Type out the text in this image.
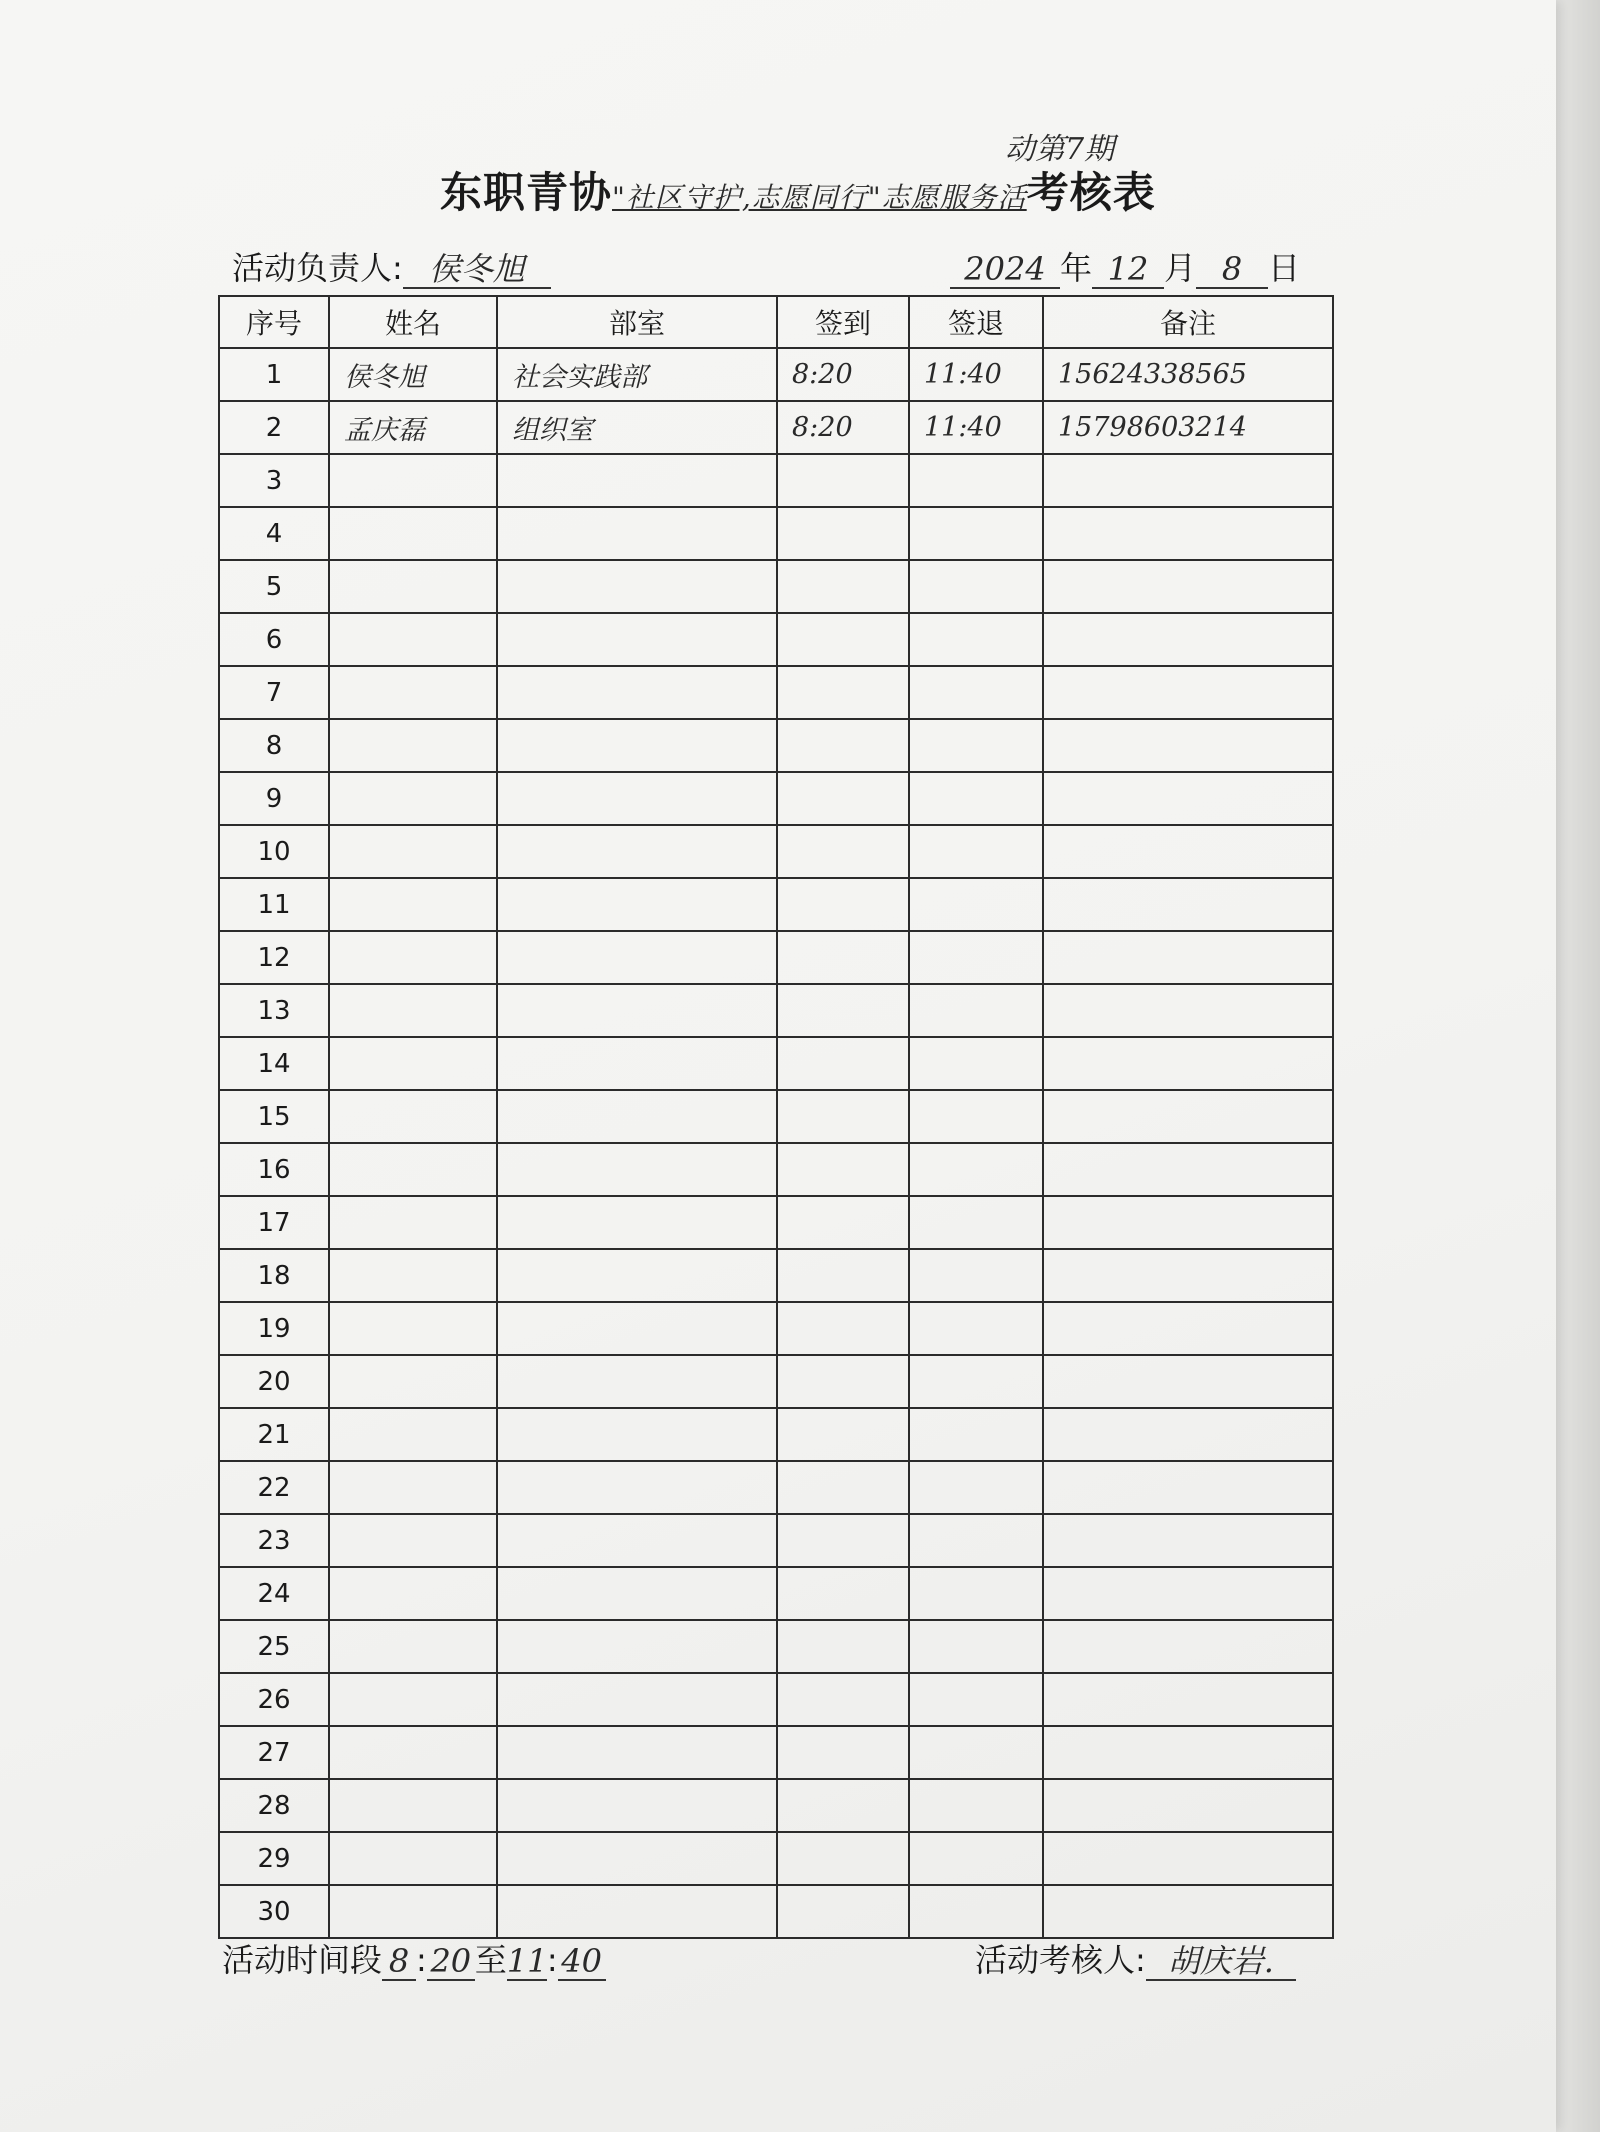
东职青协"社区守护,志愿同行"志愿服务活考核表
动第7期
活动负责人: 侯冬旭	2024 年 12 月 8 日
序号	姓名	部室	签到	签退	备注
1	侯冬旭	社会实践部	8:20	11:40	15624338565
2	孟庆磊	组织室	8:20	11:40	15798603214
3					
4					
5					
6					
7					
8					
9					
10					
11					
12					
13					
14					
15					
16					
17					
18					
19					
20					
21					
22					
23					
24					
25					
26					
27					
28					
29					
30					
活动时间段 8 : 20 至11: 40	活动考核人: 胡庆岩.
